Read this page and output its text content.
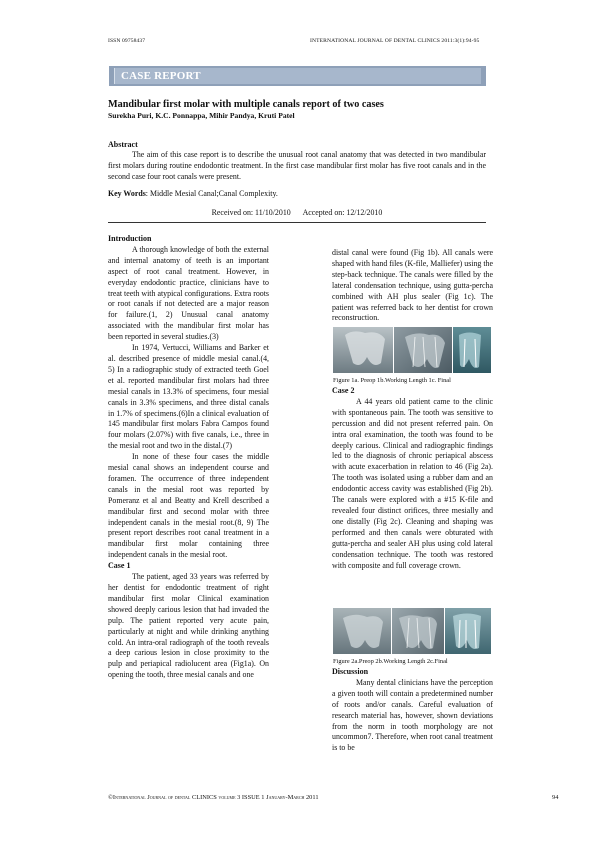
ISSN 09758437	INTERNATIONAL JOURNAL OF DENTAL CLINICS 2011:3(1):94-95
CASE REPORT
Mandibular first molar with multiple canals report of two cases
Surekha Puri, K.C. Ponnappa, Mihir Pandya, Kruti Patel
Abstract
The aim of this case report is to describe the unusual root canal anatomy that was detected in two mandibular first molars during routine endodontic treatment. In the first case mandibular first molar has five root canals and in the second case four root canals were present.
Key Words: Middle Mesial Canal;Canal Complexity.
Received on: 11/10/2010 Accepted on: 12/12/2010
Introduction
A thorough knowledge of both the external and internal anatomy of teeth is an important aspect of root canal treatment. However, in everyday endodontic practice, clinicians have to treat teeth with atypical configurations. Extra roots or root canals if not detected are a major reason for failure.(1, 2) Unusual canal anatomy associated with the mandibular first molar has been reported in several studies.(3)
In 1974, Vertucci, Williams and Barker et al. described presence of middle mesial canal.(4, 5) In a radiographic study of extracted teeth Goel et al. reported mandibular first molars had three mesial canals in 13.3% of specimens, four mesial canals in 3.3% specimens, and three distal canals in 1.7% of specimens.(6)In a clinical evaluation of 145 mandibular first molars Fabra Campos found four molars (2.07%) with five canals, i.e., three in the mesial root and two in the distal.(7)
In none of these four cases the middle mesial canal shows an independent course and foramen. The occurrence of three independent canals in the mesial root was reported by Pomeranz et al and Beatty and Krell described a mandibular first and second molar with three independent canals in the mesial root.(8, 9) The present report describes root canal treatment in a mandibular first molar containing three independent canals in the mesial root.
Case 1
The patient, aged 33 years was referred by her dentist for endodontic treatment of right mandibular first molar Clinical examination showed deeply carious lesion that had invaded the pulp. The patient reported very acute pain, particularly at night and while drinking anything cold. An intra-oral radiograph of the tooth reveals a deep carious lesion in close proximity to the pulp and periapical radiolucent area (Fig1a). On opening the tooth, three mesial canals and one
distal canal were found (Fig 1b). All canals were shaped with hand files (K-file, Malliefer) using the step-back technique. The canals were filled by the lateral condensation technique, using gutta-percha combined with AH plus sealer (Fig 1c). The patient was referred back to her dentist for crown reconstruction.
Figure 1a. Preop 1b.Working Length 1c. Final
Case 2
A 44 years old patient came to the clinic with spontaneous pain. The tooth was sensitive to percussion and did not present referred pain. On intra oral examination, the tooth was found to be deeply carious. Clinical and radiographic findings led to the diagnosis of chronic periapical abscess with acute exacerbation in relation to 46 (Fig 2a). The tooth was isolated using a rubber dam and an endodontic access cavity was established (Fig 2b). The canals were explored with a #15 K-file and revealed four distinct orifices, three mesially and one distally (Fig 2c). Cleaning and shaping was performed and then canals were obturated with gutta-percha and sealer AH plus using cold lateral condensation technique. The tooth was restored with composite and full coverage crown.
Figure 2a.Preop 2b.Working Length 2c.Final
Discussion
Many dental clinicians have the perception a given tooth will contain a predetermined number of roots and/or canals. Careful evaluation of research material has, however, shown deviations from the norm in tooth morphology are not uncommon7. Therefore, when root canal treatment is to be
©International Journal of dental CLINICS volume 3 ISSUE 1 January-March 2011	94
